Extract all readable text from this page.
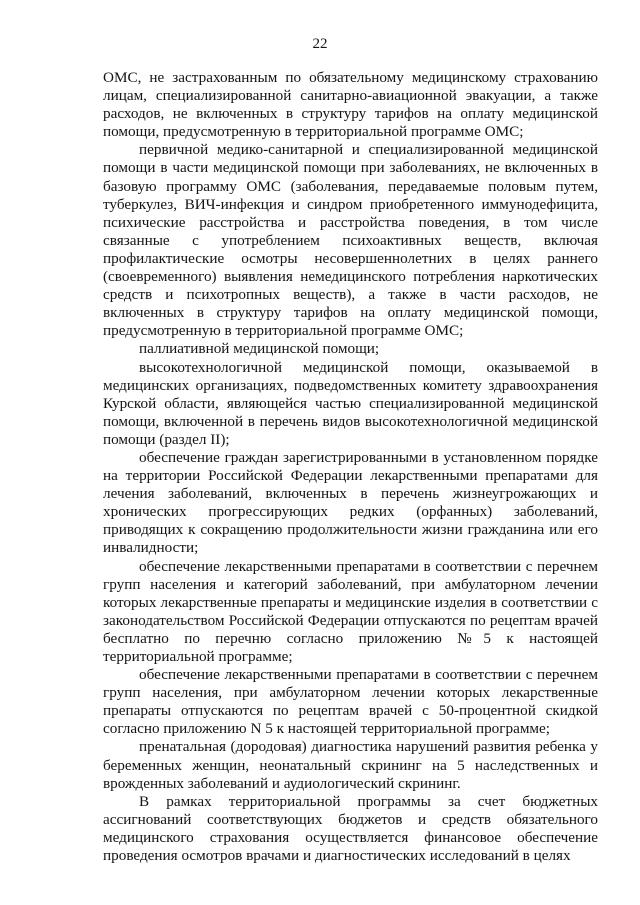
22

ОМС, не застрахованным по обязательному медицинскому страхованию лицам, специализированной санитарно-авиационной эвакуации, а также расходов, не включенных в структуру тарифов на оплату медицинской помощи, предусмотренную в территориальной программе ОМС;

первичной медико-санитарной и специализированной медицинской помощи в части медицинской помощи при заболеваниях, не включенных в базовую программу ОМС (заболевания, передаваемые половым путем, туберкулез, ВИЧ-инфекция и синдром приобретенного иммунодефицита, психические расстройства и расстройства поведения, в том числе связанные с употреблением психоактивных веществ, включая профилактические осмотры несовершеннолетних в целях раннего (своевременного) выявления немедицинского потребления наркотических средств и психотропных веществ), а также в части расходов, не включенных в структуру тарифов на оплату медицинской помощи, предусмотренную в территориальной программе ОМС;

паллиативной медицинской помощи;

высокотехнологичной медицинской помощи, оказываемой в медицинских организациях, подведомственных комитету здравоохранения Курской области, являющейся частью специализированной медицинской помощи, включенной в перечень видов высокотехнологичной медицинской помощи (раздел II);

обеспечение граждан зарегистрированными в установленном порядке на территории Российской Федерации лекарственными препаратами для лечения заболеваний, включенных в перечень жизнеугрожающих и хронических прогрессирующих редких (орфанных) заболеваний, приводящих к сокращению продолжительности жизни гражданина или его инвалидности;

обеспечение лекарственными препаратами в соответствии с перечнем групп населения и категорий заболеваний, при амбулаторном лечении которых лекарственные препараты и медицинские изделия в соответствии с законодательством Российской Федерации отпускаются по рецептам врачей бесплатно по перечню согласно приложению №5 к настоящей территориальной программе;

обеспечение лекарственными препаратами в соответствии с перечнем групп населения, при амбулаторном лечении которых лекарственные препараты отпускаются по рецептам врачей с 50-процентной скидкой согласно приложению N 5 к настоящей территориальной программе;

пренатальная (дородовая) диагностика нарушений развития ребенка у беременных женщин, неонатальный скрининг на 5 наследственных и врожденных заболеваний и аудиологический скрининг.

В рамках территориальной программы за счет бюджетных ассигнований соответствующих бюджетов и средств обязательного медицинского страхования осуществляется финансовое обеспечение проведения осмотров врачами и диагностических исследований в целях
